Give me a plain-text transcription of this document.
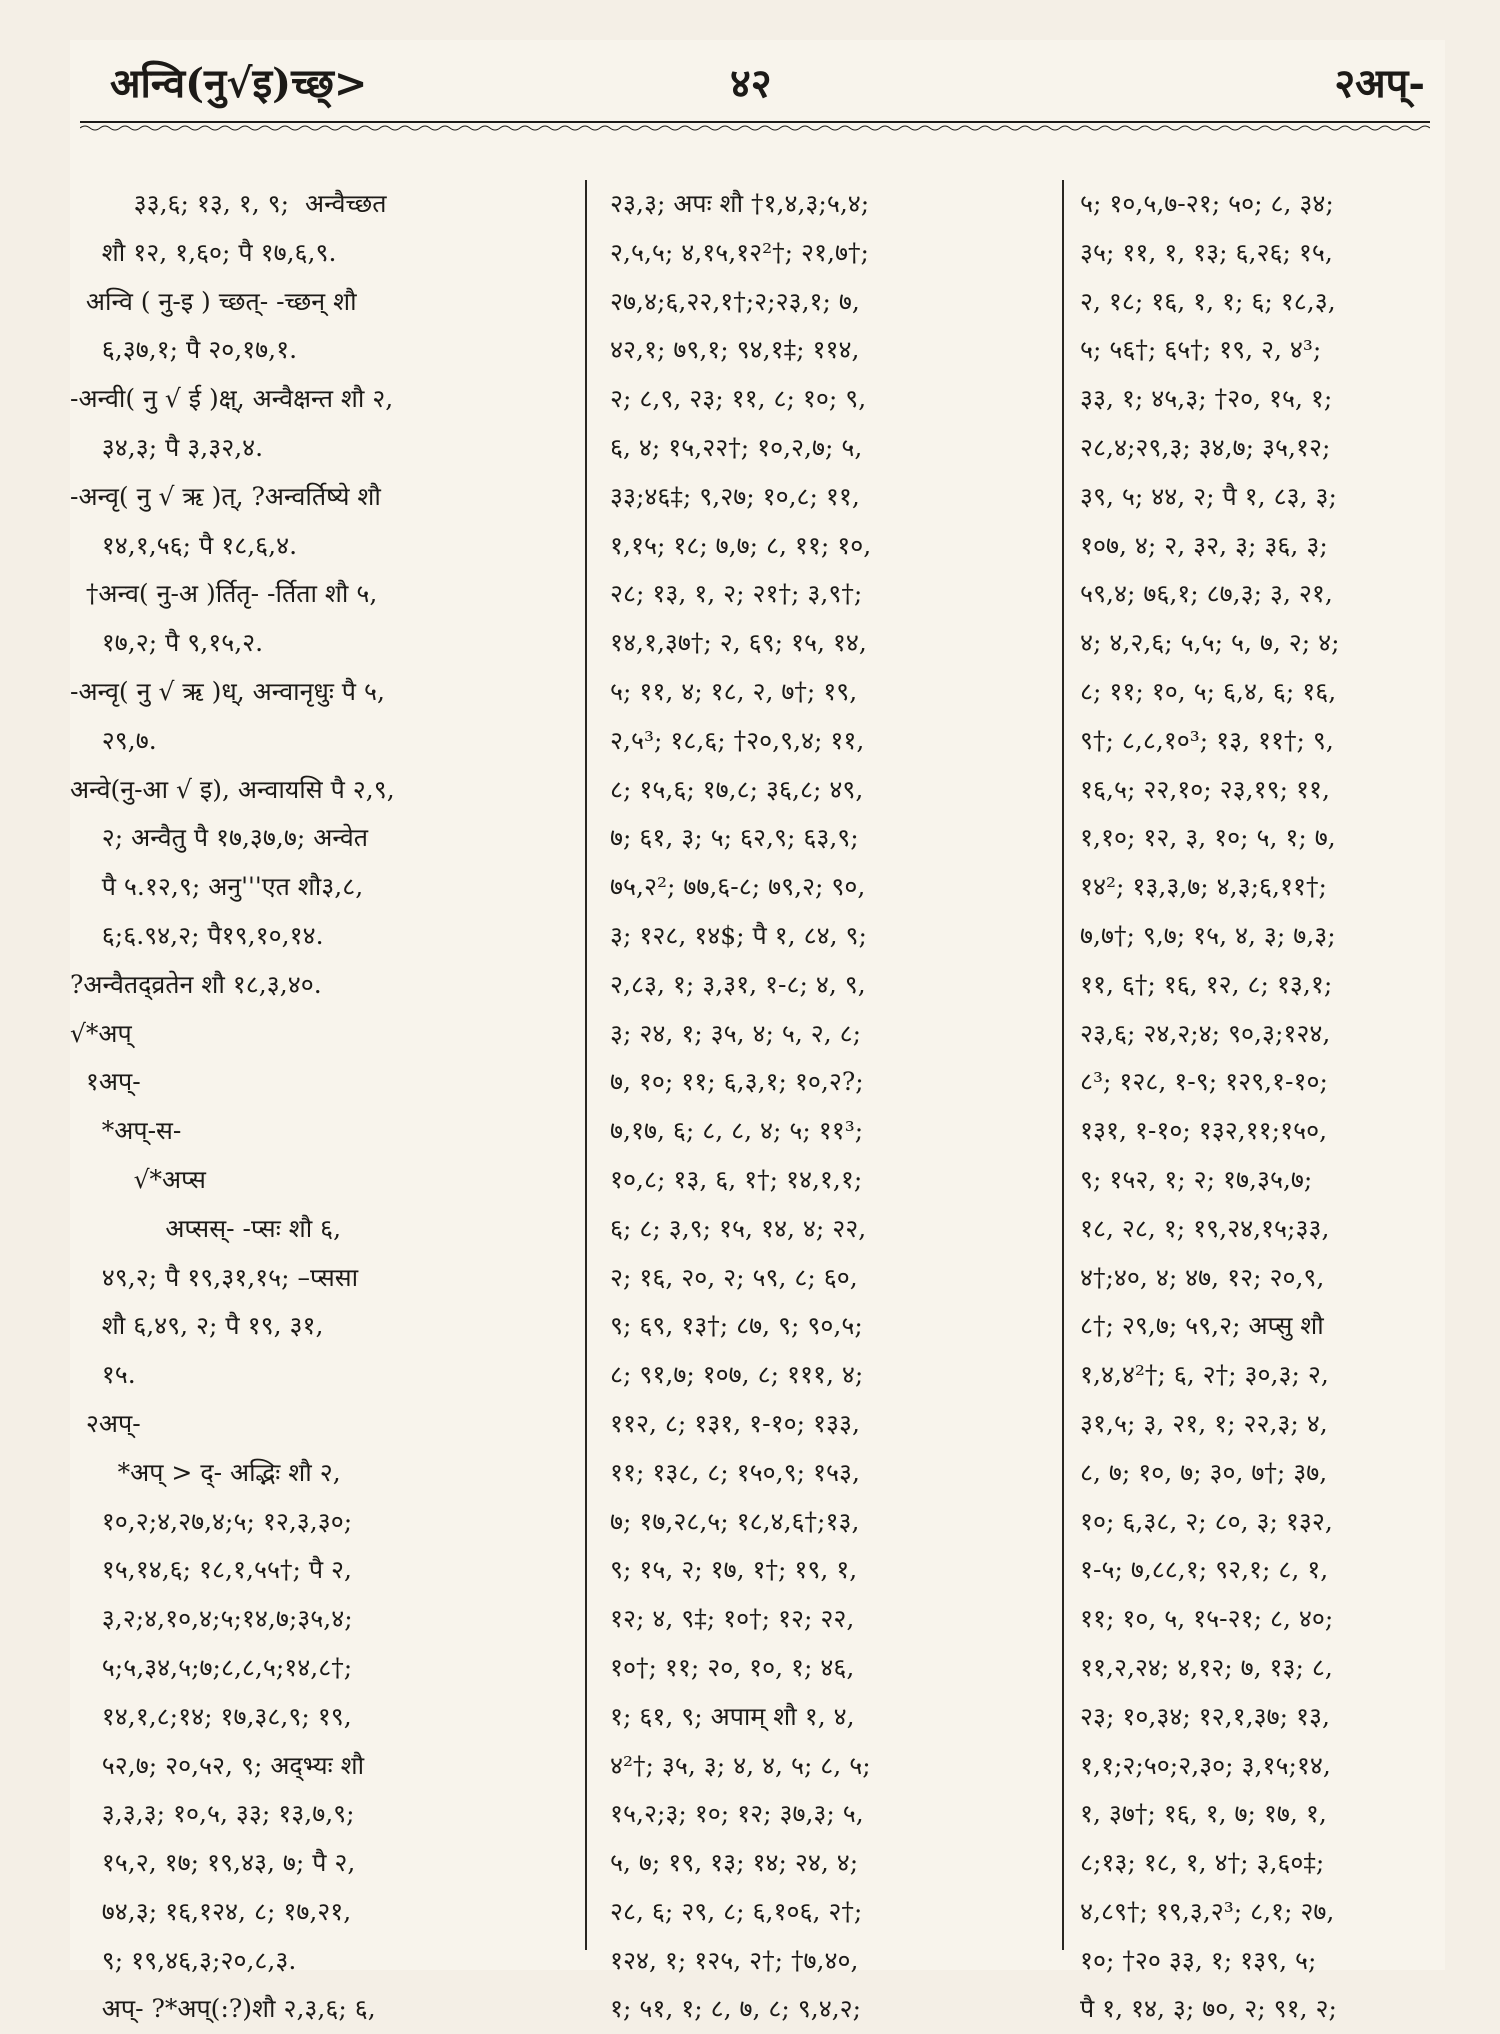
अन्वि(नु√इ)च्छ्>	४२	२अप्-
३३,६; १३, १, ९;  अन्वैच्छत
शौ १२, १,६०; पै १७,६,९.
अन्वि ( नु-इ ) च्छत्- -च्छन् शौ
६,३७,१; पै २०,१७,१.
-अन्वी( नु √ ई )क्ष्, अन्वैक्षन्त शौ २,
३४,३; पै ३,३२,४.
-अन्वृ( नु √ ऋ )त्, ?अन्वर्तिष्ये शौ
१४,१,५६; पै १८,६,४.
†अन्व( नु-अ )र्तितृ- -र्तिता शौ ५,
१७,२; पै ९,१५,२.
-अन्वृ( नु √ ऋ )ध्, अन्वानृधुः पै ५,
२९,७.
अन्वे(नु-आ √ इ), अन्वायसि पै २,९,
२; अन्वैतु पै १७,३७,७; अन्वेत
पै ५.१२,९; अनु'''एत शौ३,८,
६;६.९४,२; पै१९,१०,१४.
?अन्वैतद्व्रतेन शौ १८,३,४०.
√*अप्
१अप्-
*अप्-स-
√*अप्स
अप्सस्- -प्सः शौ ६,
४९,२; पै १९,३१,१५; –प्ससा
शौ ६,४९, २; पै १९, ३१,
१५.
२अप्-
*अप् > द्- अद्भिः शौ २,
१०,२;४,२७,४;५; १२,३,३०;
१५,१४,६; १८,१,५५†; पै २,
३,२;४,१०,४;५;१४,७;३५,४;
५;५,३४,५;७;८,८,५;१४,८†;
१४,१,८;१४; १७,३८,९; १९,
५२,७; २०,५२, ९; अद्भ्यः शौ
३,३,३; १०,५, ३३; १३,७,९;
१५,२, १७; १९,४३, ७; पै २,
७४,३; १६,१२४, ८; १७,२१,
९; १९,४६,३;२०,८,३.
अप्- ?*अप्(:?)शौ २,३,६; ६,
२३,३; अपः शौ †१,४,३;५,४;
२,५,५; ४,१५,१२²†; २१,७†;
२७,४;६,२२,१†;२;२३,१; ७,
४२,१; ७९,१; ९४,१‡; ११४,
२; ८,९, २३; ११, ८; १०; ९,
६, ४; १५,२२†; १०,२,७; ५,
३३;४६‡; ९,२७; १०,८; ११,
१,१५; १८; ७,७; ८, ११; १०,
२८; १३, १, २; २१†; ३,९†;
१४,१,३७†; २, ६९; १५, १४,
५; ११, ४; १८, २, ७†; १९,
२,५³; १८,६; †२०,९,४; ११,
८; १५,६; १७,८; ३६,८; ४९,
७; ६१, ३; ५; ६२,९; ६३,९;
७५,२²; ७७,६-८; ७९,२; ९०,
३; १२८, १४$; पै १, ८४, ९;
२,८३, १; ३,३१, १-८; ४, ९,
३; २४, १; ३५, ४; ५, २, ८;
७, १०; ११; ६,३,१; १०,२?;
७,१७, ६; ८, ८, ४; ५; ११³;
१०,८; १३, ६, १†; १४,१,१;
६; ८; ३,९; १५, १४, ४; २२,
२; १६, २०, २; ५९, ८; ६०,
९; ६९, १३†; ८७, ९; ९०,५;
८; ९१,७; १०७, ८; १११, ४;
११२, ८; १३१, १-१०; १३३,
११; १३८, ८; १५०,९; १५३,
७; १७,२८,५; १८,४,६†;१३,
९; १५, २; १७, १†; १९, १,
१२; ४, ९‡; १०†; १२; २२,
१०†; ११; २०, १०, १; ४६,
१; ६१, ९; अपाम् शौ १, ४,
४²†; ३५, ३; ४, ४, ५; ८, ५;
१५,२;३; १०; १२; ३७,३; ५,
५, ७; १९, १३; १४; २४, ४;
२८, ६; २९, ८; ६,१०६, २†;
१२४, १; १२५, २†; †७,४०,
१; ५१, १; ८, ७, ८; ९,४,२;
५; १०,५,७-२१; ५०; ८, ३४;
३५; ११, १, १३; ६,२६; १५,
२, १८; १६, १, १; ६; १८,३,
५; ५६†; ६५†; १९, २, ४³;
३३, १; ४५,३; †२०, १५, १;
२८,४;२९,३; ३४,७; ३५,१२;
३९, ५; ४४, २; पै १, ८३, ३;
१०७, ४; २, ३२, ३; ३६, ३;
५९,४; ७६,१; ८७,३; ३, २१,
४; ४,२,६; ५,५; ५, ७, २; ४;
८; ११; १०, ५; ६,४, ६; १६,
९†; ८,८,१०³; १३, ११†; ९,
१६,५; २२,१०; २३,१९; ११,
१,१०; १२, ३, १०; ५, १; ७,
१४²; १३,३,७; ४,३;६,११†;
७,७†; ९,७; १५, ४, ३; ७,३;
११, ६†; १६, १२, ८; १३,१;
२३,६; २४,२;४; ९०,३;१२४,
८³; १२८, १-९; १२९,१-१०;
१३१, १-१०; १३२,११;१५०,
९; १५२, १; २; १७,३५,७;
१८, २८, १; १९,२४,१५;३३,
४†;४०, ४; ४७, १२; २०,९,
८†; २९,७; ५९,२; अप्सु शौ
१,४,४²†; ६, २†; ३०,३; २,
३१,५; ३, २१, १; २२,३; ४,
८, ७; १०, ७; ३०, ७†; ३७,
१०; ६,३८, २; ८०, ३; १३२,
१-५; ७,८८,१; ९२,१; ८, १,
११; १०, ५, १५-२१; ८, ४०;
११,२,२४; ४,१२; ७, १३; ८,
२३; १०,३४; १२,१,३७; १३,
१,१;२;५०;२,३०; ३,१५;१४,
१, ३७†; १६, १, ७; १७, १,
८;१३; १८, १, ४†; ३,६०‡;
४,८९†; १९,३,२³; ८,१; २७,
१०; †२० ३३, १; १३९, ५;
पै १, १४, ३; ७०, २; ९१, २;
